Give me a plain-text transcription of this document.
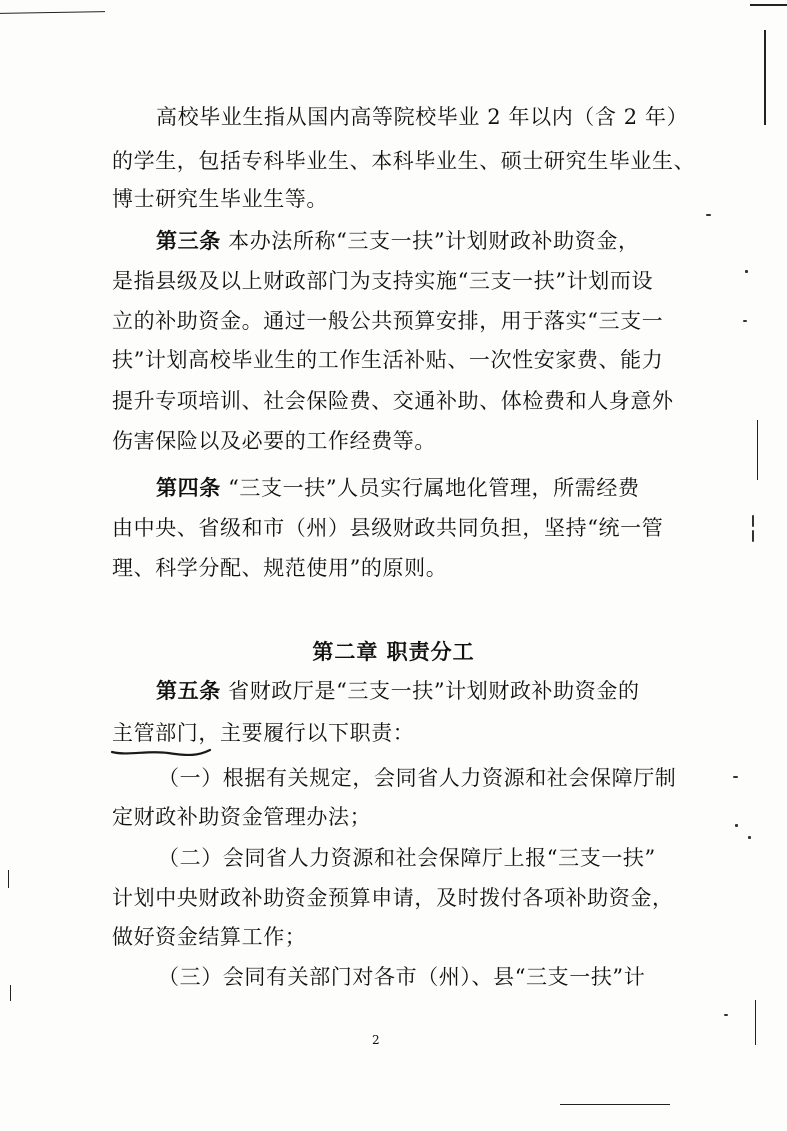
高校毕业生指从国内高等院校毕业 2 年以内（含 2 年）
的学生，包括专科毕业生、本科毕业生、硕士研究生毕业生、
博士研究生毕业生等。
第三条 本办法所称“三支一扶”计划财政补助资金，
是指县级及以上财政部门为支持实施“三支一扶”计划而设
立的补助资金。通过一般公共预算安排，用于落实“三支一
扶”计划高校毕业生的工作生活补贴、一次性安家费、能力
提升专项培训、社会保险费、交通补助、体检费和人身意外
伤害保险以及必要的工作经费等。
第四条 “三支一扶”人员实行属地化管理，所需经费
由中央、省级和市（州）县级财政共同负担，坚持“统一管
理、科学分配、规范使用”的原则。
第二章 职责分工
第五条 省财政厅是“三支一扶”计划财政补助资金的
主管部门，主要履行以下职责：
（一）根据有关规定，会同省人力资源和社会保障厅制
定财政补助资金管理办法；
（二）会同省人力资源和社会保障厅上报“三支一扶”
计划中央财政补助资金预算申请，及时拨付各项补助资金，
做好资金结算工作；
（三）会同有关部门对各市（州）、县“三支一扶”计
2
